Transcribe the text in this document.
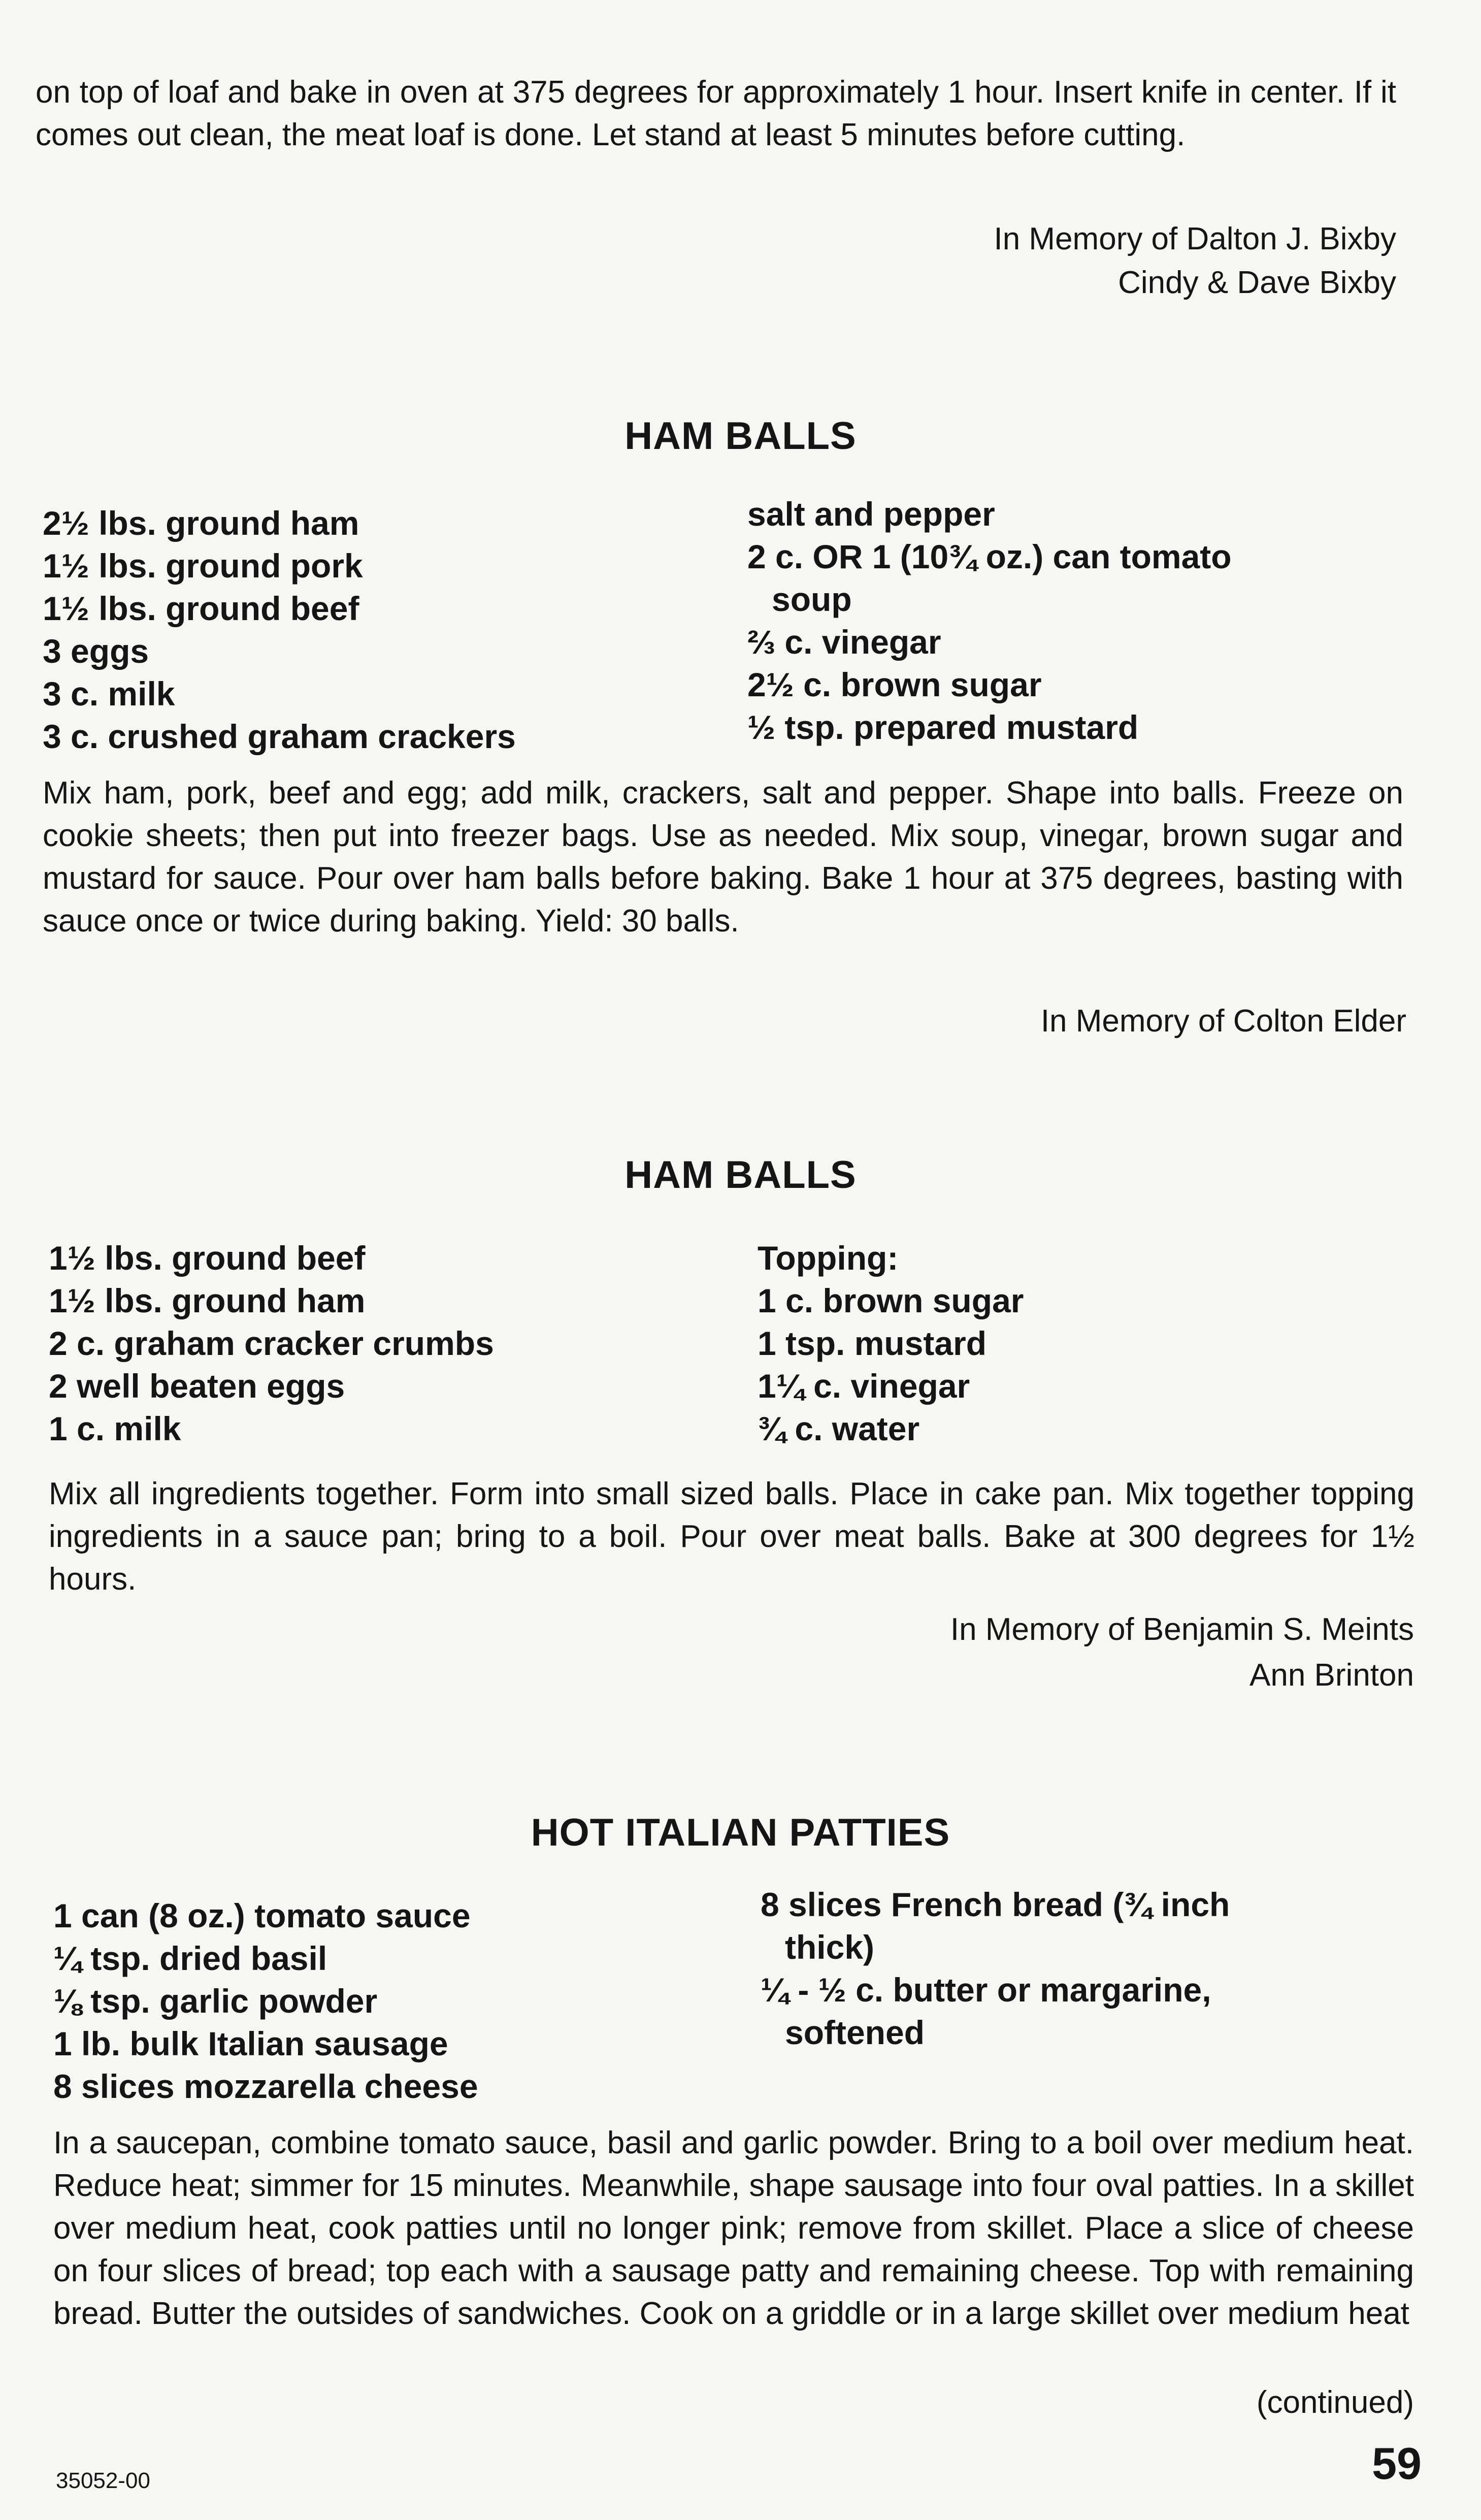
on top of loaf and bake in oven at 375 degrees for approximately 1 hour. Insert knife in center. If it comes out clean, the meat loaf is done. Let stand at least 5 minutes before cutting.
In Memory of Dalton J. Bixby
Cindy & Dave Bixby
HAM BALLS
2½ lbs. ground ham
1½ lbs. ground pork
1½ lbs. ground beef
3 eggs
3 c. milk
3 c. crushed graham crackers
salt and pepper
2 c. OR 1 (10¾ oz.) can tomato
soup
⅔ c. vinegar
2½ c. brown sugar
½ tsp. prepared mustard
Mix ham, pork, beef and egg; add milk, crackers, salt and pepper. Shape into balls. Freeze on cookie sheets; then put into freezer bags. Use as needed. Mix soup, vinegar, brown sugar and mustard for sauce. Pour over ham balls before baking. Bake 1 hour at 375 degrees, basting with sauce once or twice during baking. Yield: 30 balls.
In Memory of Colton Elder
HAM BALLS
1½ lbs. ground beef
1½ lbs. ground ham
2 c. graham cracker crumbs
2 well beaten eggs
1 c. milk
Topping:
1 c. brown sugar
1 tsp. mustard
1¼ c. vinegar
¾ c. water
Mix all ingredients together. Form into small sized balls. Place in cake pan. Mix together topping ingredients in a sauce pan; bring to a boil. Pour over meat balls. Bake at 300 degrees for 1½ hours.
In Memory of Benjamin S. Meints
Ann Brinton
HOT ITALIAN PATTIES
1 can (8 oz.) tomato sauce
¼ tsp. dried basil
⅛ tsp. garlic powder
1 lb. bulk Italian sausage
8 slices mozzarella cheese
8 slices French bread (¾ inch
thick)
¼ - ½ c. butter or margarine,
softened
In a saucepan, combine tomato sauce, basil and garlic powder. Bring to a boil over medium heat. Reduce heat; simmer for 15 minutes. Meanwhile, shape sausage into four oval patties. In a skillet over medium heat, cook patties until no longer pink; remove from skillet. Place a slice of cheese on four slices of bread; top each with a sausage patty and remaining cheese. Top with remaining bread. Butter the outsides of sandwiches. Cook on a griddle or in a large skillet over medium heat
(continued)
35052-00	59
